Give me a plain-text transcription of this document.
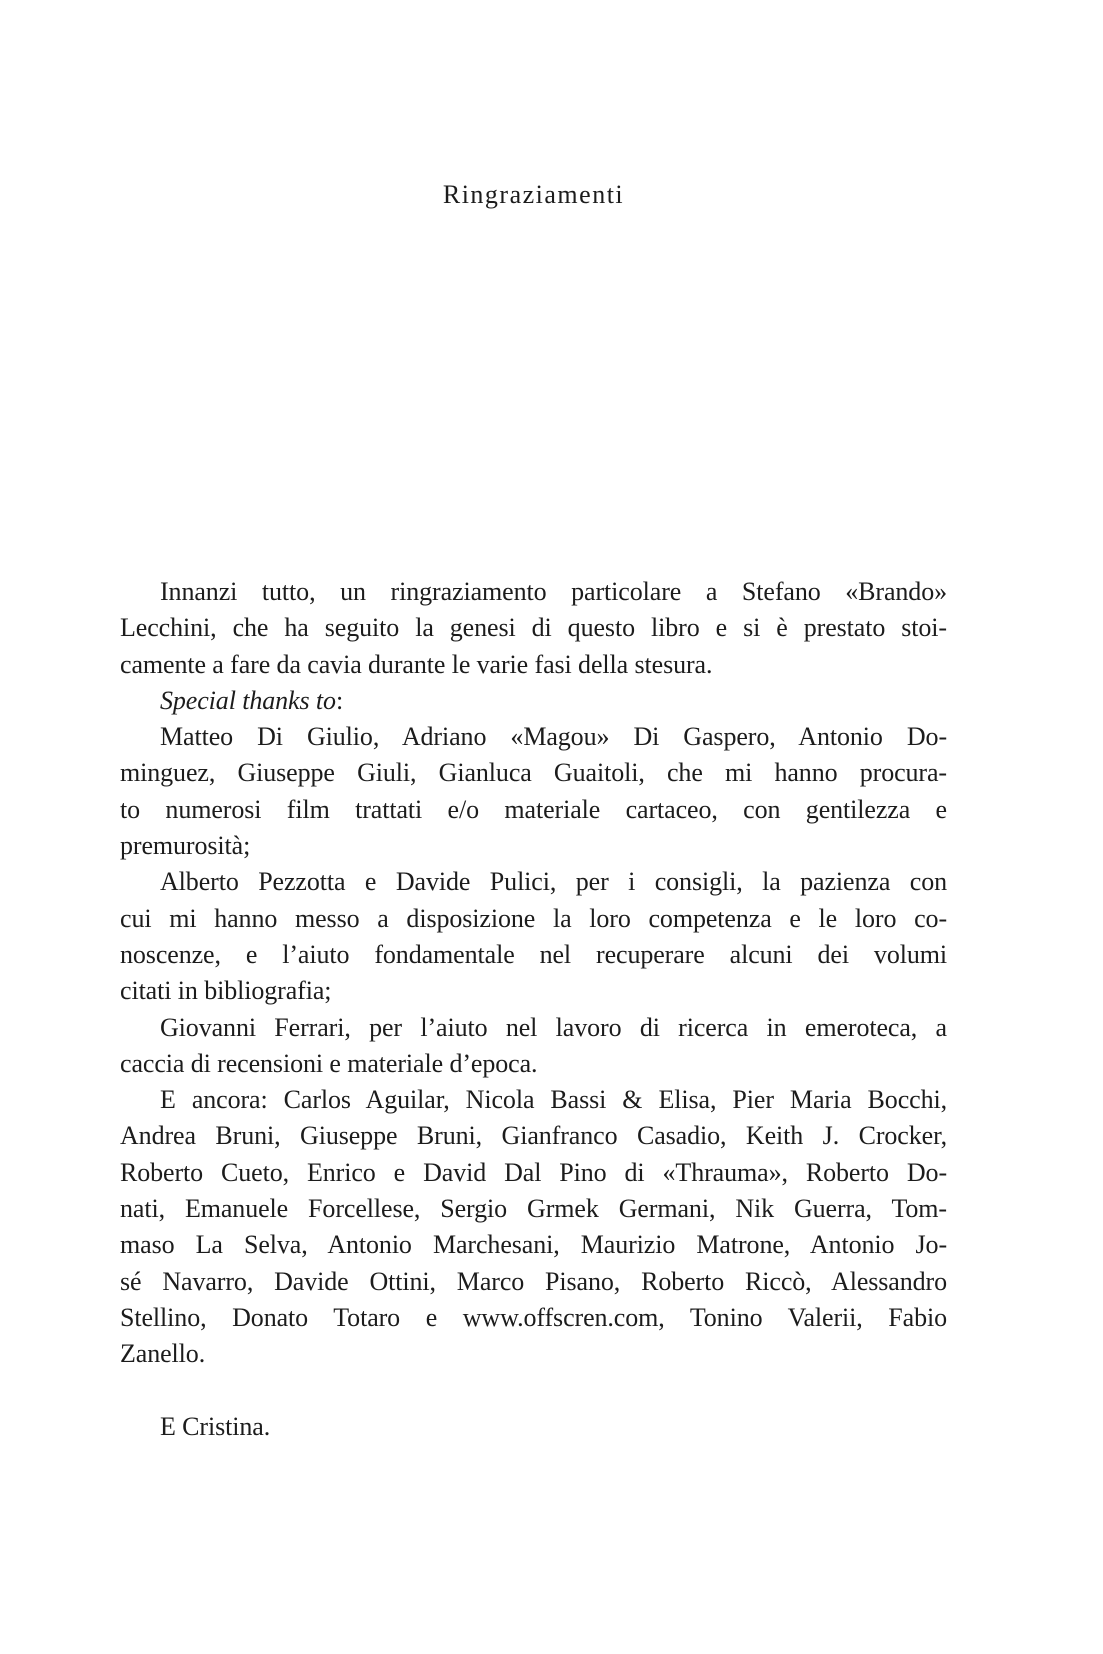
Ringraziamenti
Innanzi tutto, un ringraziamento particolare a Stefano «Brando»
Lecchini, che ha seguito la genesi di questo libro e si è prestato stoi-
camente a fare da cavia durante le varie fasi della stesura.
Special thanks to:
Matteo Di Giulio, Adriano «Magou» Di Gaspero, Antonio Do-
minguez, Giuseppe Giuli, Gianluca Guaitoli, che mi hanno procura-
to numerosi film trattati e/o materiale cartaceo, con gentilezza e
premurosità;
Alberto Pezzotta e Davide Pulici, per i consigli, la pazienza con
cui mi hanno messo a disposizione la loro competenza e le loro co-
noscenze, e l’aiuto fondamentale nel recuperare alcuni dei volumi
citati in bibliografia;
Giovanni Ferrari, per l’aiuto nel lavoro di ricerca in emeroteca, a
caccia di recensioni e materiale d’epoca.
E ancora: Carlos Aguilar, Nicola Bassi & Elisa, Pier Maria Bocchi,
Andrea Bruni, Giuseppe Bruni, Gianfranco Casadio, Keith J. Crocker,
Roberto Cueto, Enrico e David Dal Pino di «Thrauma», Roberto Do-
nati, Emanuele Forcellese, Sergio Grmek Germani, Nik Guerra, Tom-
maso La Selva, Antonio Marchesani, Maurizio Matrone, Antonio Jo-
sé Navarro, Davide Ottini, Marco Pisano, Roberto Riccò, Alessandro
Stellino, Donato Totaro e www.offscren.com, Tonino Valerii, Fabio
Zanello.
E Cristina.
